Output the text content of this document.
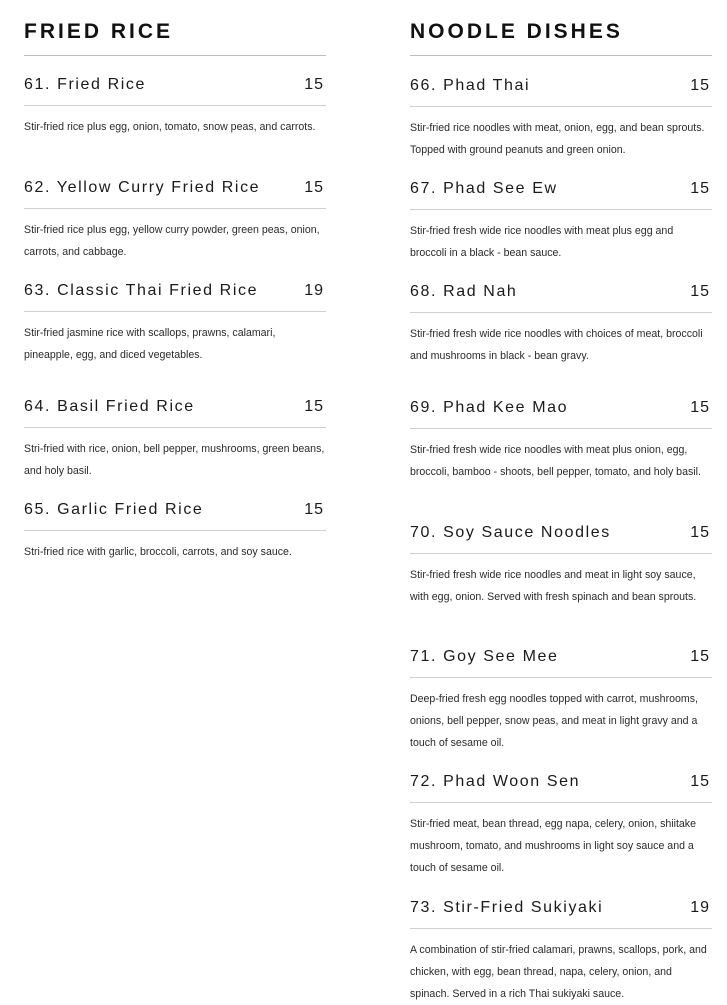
FRIED RICE
61. Fried Rice	15
Stir-fried rice plus egg, onion, tomato, snow peas, and carrots.
62. Yellow Curry Fried Rice	15
Stir-fried rice plus egg, yellow curry powder, green peas, onion, carrots, and cabbage.
63. Classic Thai Fried Rice	19
Stir-fried jasmine rice with scallops, prawns, calamari, pineapple, egg, and diced vegetables.
64. Basil Fried Rice	15
Stri-fried with rice, onion, bell pepper, mushrooms, green beans, and holy basil.
65. Garlic Fried Rice	15
Stri-fried rice with garlic, broccoli, carrots, and soy sauce.
NOODLE DISHES
66. Phad Thai	15
Stir-fried rice noodles with meat, onion, egg, and bean sprouts. Topped with ground peanuts and green onion.
67. Phad See Ew	15
Stir-fried fresh wide rice noodles with meat plus egg and broccoli in a black - bean sauce.
68. Rad Nah	15
Stir-fried fresh wide rice noodles with choices of meat, broccoli and mushrooms in black - bean gravy.
69. Phad Kee Mao	15
Stir-fried fresh wide rice noodles with meat plus onion, egg, broccoli, bamboo - shoots, bell pepper, tomato, and holy basil.
70. Soy Sauce Noodles	15
Stir-fried fresh wide rice noodles and meat in light soy sauce, with egg, onion. Served with fresh spinach and bean sprouts.
71. Goy See Mee	15
Deep-fried fresh egg noodles topped with carrot, mushrooms, onions, bell pepper, snow peas, and meat in light gravy and a touch of sesame oil.
72. Phad Woon Sen	15
Stir-fried meat, bean thread, egg napa, celery, onion, shiitake mushroom, tomato, and mushrooms in light soy sauce and a touch of sesame oil.
73. Stir-Fried Sukiyaki	19
A combination of stir-fried calamari, prawns, scallops, pork, and chicken, with egg, bean thread, napa, celery, onion, and spinach. Served in a rich Thai sukiyaki sauce.
